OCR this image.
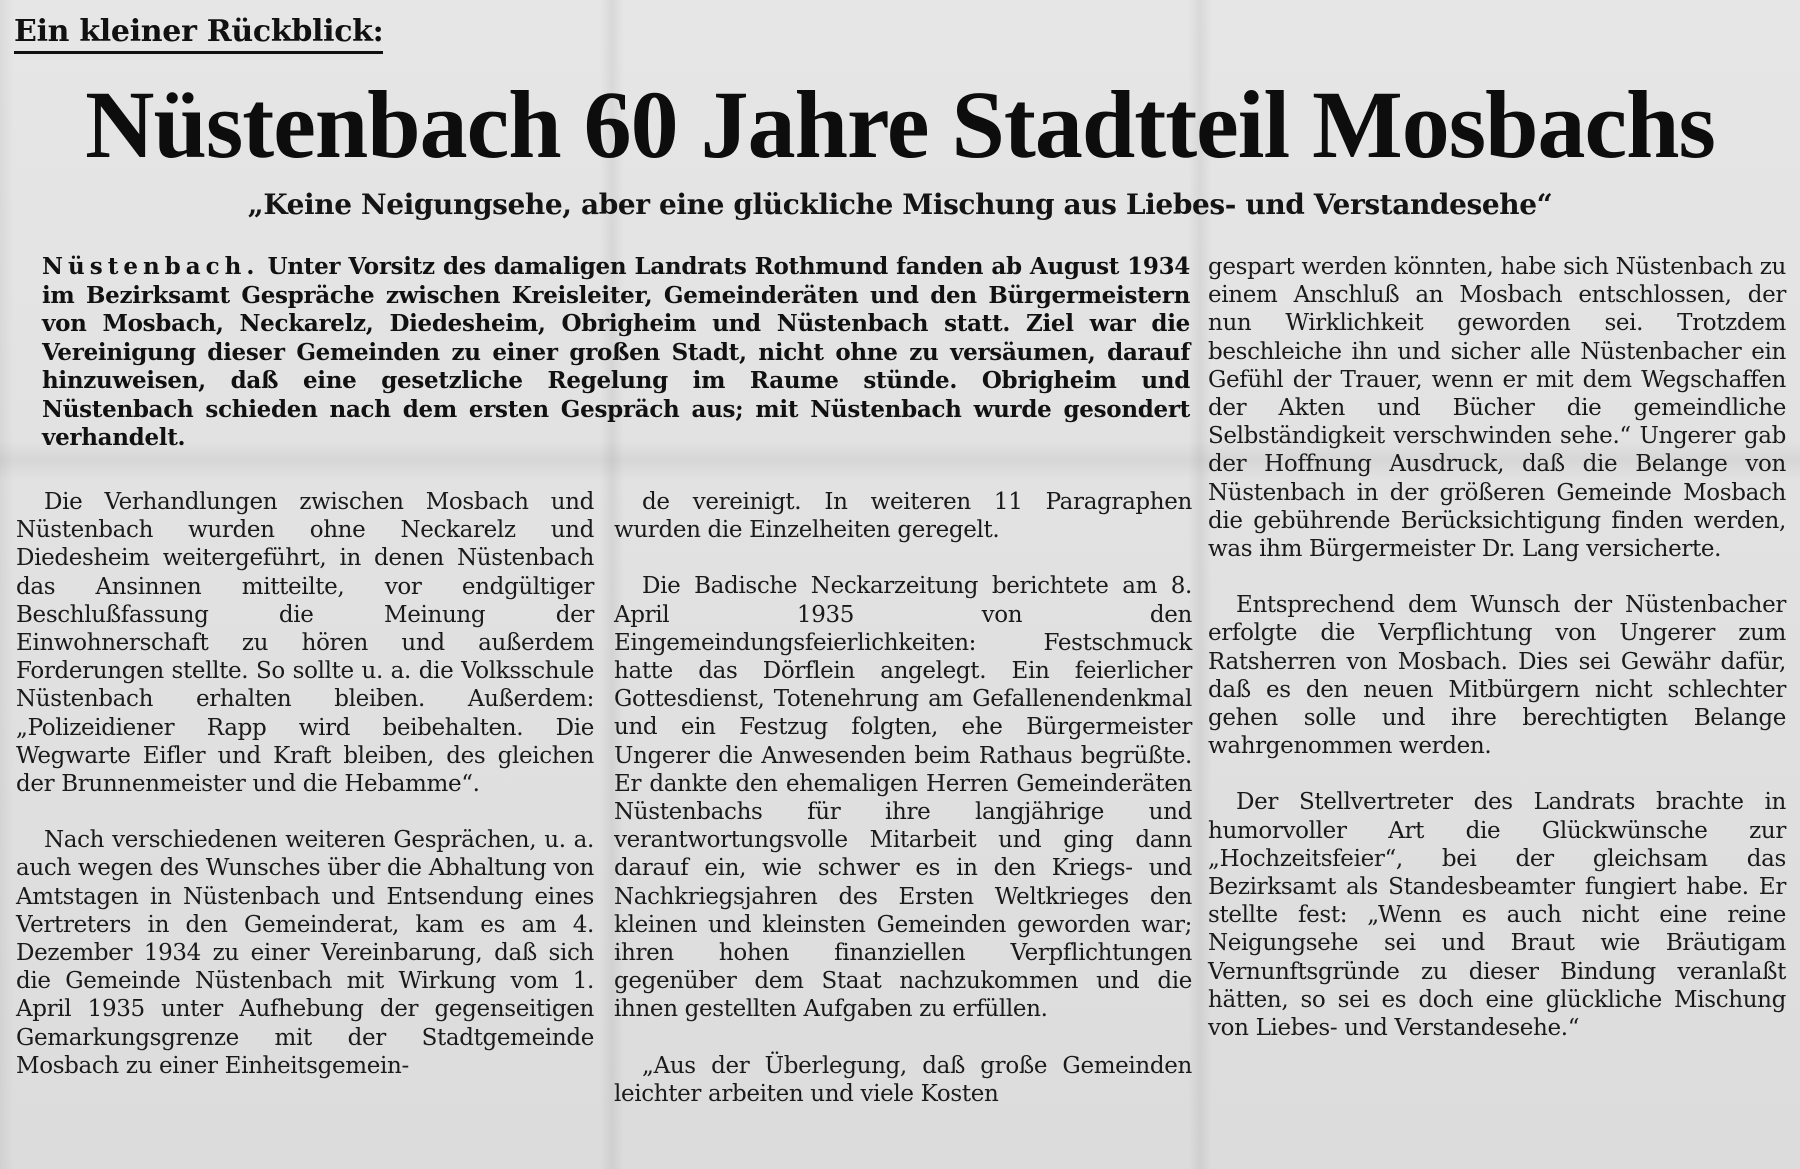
Ein kleiner Rückblick:
Nüstenbach 60 Jahre Stadtteil Mosbachs
„Keine Neigungsehe, aber eine glückliche Mischung aus Liebes- und Verstandesehe“
Nüstenbach. Unter Vorsitz des damaligen Landrats Rothmund fanden ab August 1934 im Bezirksamt Gespräche zwischen Kreisleiter, Gemeinderäten und den Bürgermeistern von Mosbach, Neckarelz, Diedesheim, Obrigheim und Nüstenbach statt. Ziel war die Vereinigung dieser Gemeinden zu einer großen Stadt, nicht ohne zu versäumen, darauf hinzuweisen, daß eine gesetzliche Regelung im Raume stünde. Obrigheim und Nüstenbach schieden nach dem ersten Gespräch aus; mit Nüstenbach wurde gesondert verhandelt.

Die Verhandlungen zwischen Mosbach und Nüstenbach wurden ohne Neckarelz und Diedesheim weitergeführt, in denen Nüstenbach das Ansinnen mitteilte, vor endgültiger Beschlußfassung die Meinung der Einwohnerschaft zu hören und außerdem Forderungen stellte. So sollte u. a. die Volksschule Nüstenbach erhalten bleiben. Außerdem: „Polizeidiener Rapp wird beibehalten. Die Wegwarte Eifler und Kraft bleiben, des gleichen der Brunnenmeister und die Hebamme“.

Nach verschiedenen weiteren Gesprächen, u. a. auch wegen des Wunsches über die Abhaltung von Amtstagen in Nüstenbach und Entsendung eines Vertreters in den Gemeinderat, kam es am 4. Dezember 1934 zu einer Vereinbarung, daß sich die Gemeinde Nüstenbach mit Wirkung vom 1. April 1935 unter Aufhebung der gegenseitigen Gemarkungsgrenze mit der Stadtgemeinde Mosbach zu einer Einheitsgemein-

de vereinigt. In weiteren 11 Paragraphen wurden die Einzelheiten geregelt.

Die Badische Neckarzeitung berichtete am 8. April 1935 von den Eingemeindungsfeierlichkeiten: Festschmuck hatte das Dörflein angelegt. Ein feierlicher Gottesdienst, Totenehrung am Gefallenendenkmal und ein Festzug folgten, ehe Bürgermeister Ungerer die Anwesenden beim Rathaus begrüßte. Er dankte den ehemaligen Herren Gemeinderäten Nüstenbachs für ihre langjährige und verantwortungsvolle Mitarbeit und ging dann darauf ein, wie schwer es in den Kriegs- und Nachkriegsjahren des Ersten Weltkrieges den kleinen und kleinsten Gemeinden geworden war; ihren hohen finanziellen Verpflichtungen gegenüber dem Staat nachzukommen und die ihnen gestellten Aufgaben zu erfüllen.

„Aus der Überlegung, daß große Gemeinden leichter arbeiten und viele Kosten

gespart werden könnten, habe sich Nüstenbach zu einem Anschluß an Mosbach entschlossen, der nun Wirklichkeit geworden sei. Trotzdem beschleiche ihn und sicher alle Nüstenbacher ein Gefühl der Trauer, wenn er mit dem Wegschaffen der Akten und Bücher die gemeindliche Selbständigkeit verschwinden sehe.“ Ungerer gab der Hoffnung Ausdruck, daß die Belange von Nüstenbach in der größeren Gemeinde Mosbach die gebührende Berücksichtigung finden werden, was ihm Bürgermeister Dr. Lang versicherte.

Entsprechend dem Wunsch der Nüstenbacher erfolgte die Verpflichtung von Ungerer zum Ratsherren von Mosbach. Dies sei Gewähr dafür, daß es den neuen Mitbürgern nicht schlechter gehen solle und ihre berechtigten Belange wahrgenommen werden.

Der Stellvertreter des Landrats brachte in humorvoller Art die Glückwünsche zur „Hochzeitsfeier“, bei der gleichsam das Bezirksamt als Standesbeamter fungiert habe. Er stellte fest: „Wenn es auch nicht eine reine Neigungsehe sei und Braut wie Bräutigam Vernunftsgründe zu dieser Bindung veranlaßt hätten, so sei es doch eine glückliche Mischung von Liebes- und Verstandesehe.“
